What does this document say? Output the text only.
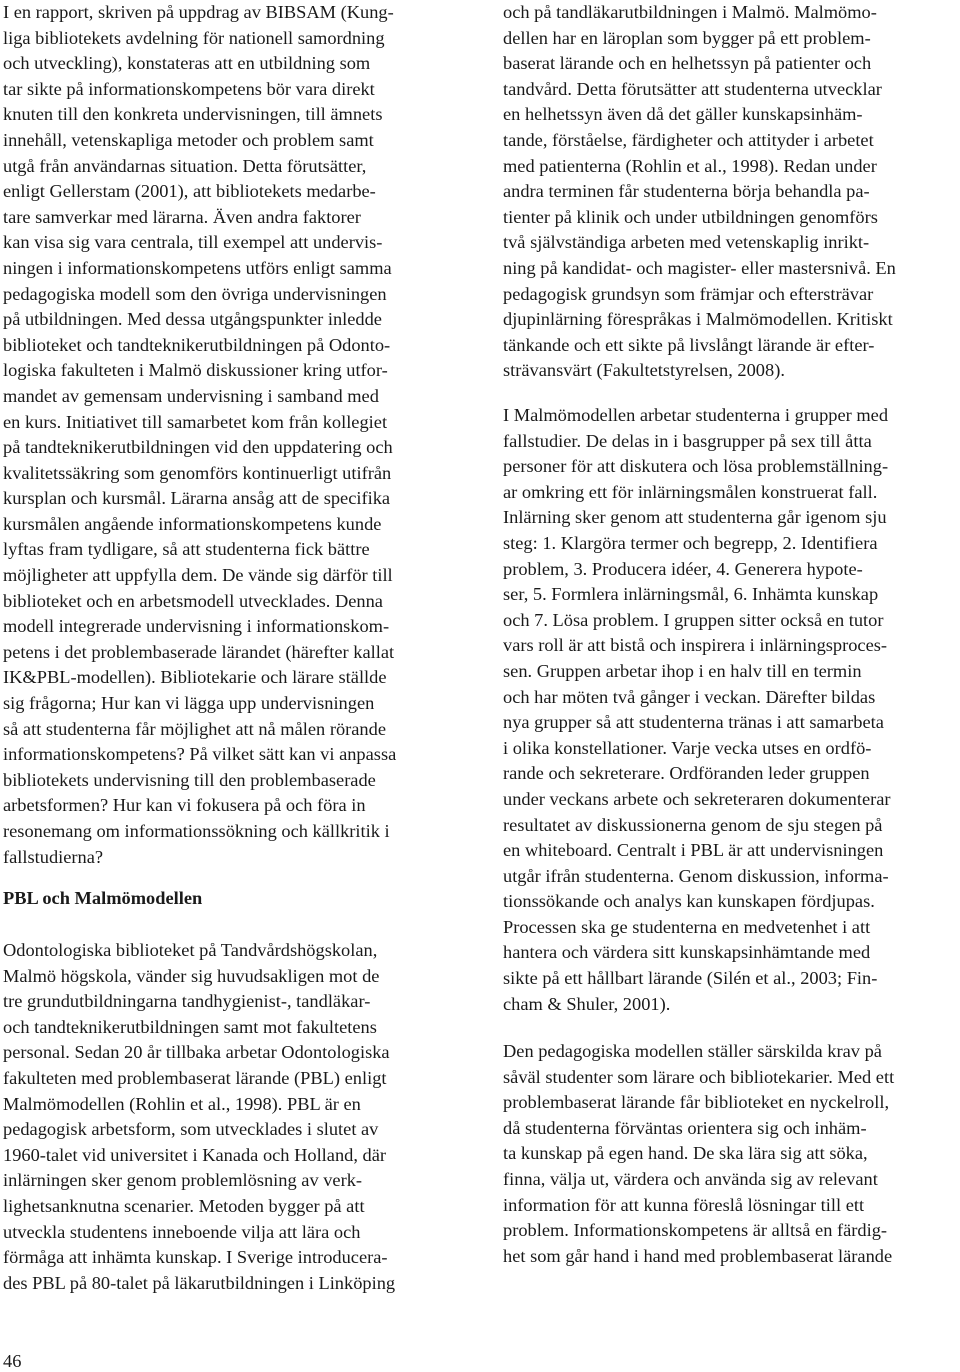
I en rapport, skriven på uppdrag av BIBSAM (Kung-
liga bibliotekets avdelning för nationell samordning
och utveckling), konstateras att en utbildning som
tar sikte på informationskompetens bör vara direkt
knuten till den konkreta undervisningen, till ämnets
innehåll, vetenskapliga metoder och problem samt
utgå från användarnas situation. Detta förutsätter,
enligt Gellerstam (2001), att bibliotekets medarbe-
tare samverkar med lärarna. Även andra faktorer
kan visa sig vara centrala, till exempel att undervis-
ningen i informationskompetens utförs enligt samma
pedagogiska modell som den övriga undervisningen
på utbildningen. Med dessa utgångspunkter inledde
biblioteket och tandteknikerutbildningen på Odonto-
logiska fakulteten i Malmö diskussioner kring utfor-
mandet av gemensam undervisning i samband med
en kurs. Initiativet till samarbetet kom från kollegiet
på tandteknikerutbildningen vid den uppdatering och
kvalitetssäkring som genomförs kontinuerligt utifrån
kursplan och kursmål. Lärarna ansåg att de specifika
kursmålen angående informationskompetens kunde
lyftas fram tydligare, så att studenterna fick bättre
möjligheter att uppfylla dem. De vände sig därför till
biblioteket och en arbetsmodell utvecklades. Denna
modell integrerade undervisning i informationskom-
petens i det problembaserade lärandet (härefter kallat
IK&PBL-modellen). Bibliotekarie och lärare ställde
sig frågorna; Hur kan vi lägga upp undervisningen
så att studenterna får möjlighet att nå målen rörande
informationskompetens? På vilket sätt kan vi anpassa
bibliotekets undervisning till den problembaserade
arbetsformen? Hur kan vi fokusera på och föra in
resonemang om informationssökning och källkritik i
fallstudierna?
PBL och Malmömodellen
Odontologiska biblioteket på Tandvårdshögskolan,
Malmö högskola, vänder sig huvudsakligen mot de
tre grundutbildningarna tandhygienist-, tandläkar-
och tandteknikerutbildningen samt mot fakultetens
personal. Sedan 20 år tillbaka arbetar Odontologiska
fakulteten med problembaserat lärande (PBL) enligt
Malmömodellen (Rohlin et al., 1998). PBL är en
pedagogisk arbetsform, som utvecklades i slutet av
1960-talet vid universitet i Kanada och Holland, där
inlärningen sker genom problemlösning av verk-
lighetsanknutna scenarier. Metoden bygger på att
utveckla studentens inneboende vilja att lära och
förmåga att inhämta kunskap. I Sverige introducera-
des PBL på 80-talet på läkarutbildningen i Linköping
och på tandläkarutbildningen i Malmö. Malmömo-
dellen har en läroplan som bygger på ett problem-
baserat lärande och en helhetssyn på patienter och
tandvård. Detta förutsätter att studenterna utvecklar
en helhetssyn även då det gäller kunskapsinhäm-
tande, förståelse, färdigheter och attityder i arbetet
med patienterna (Rohlin et al., 1998). Redan under
andra terminen får studenterna börja behandla pa-
tienter på klinik och under utbildningen genomförs
två självständiga arbeten med vetenskaplig inrikt-
ning på kandidat- och magister- eller mastersnivå. En
pedagogisk grundsyn som främjar och eftersträvar
djupinlärning förespråkas i Malmömodellen. Kritiskt
tänkande och ett sikte på livslångt lärande är efter-
strävansvärt (Fakultetstyrelsen, 2008).
I Malmömodellen arbetar studenterna i grupper med
fallstudier. De delas in i basgrupper på sex till åtta
personer för att diskutera och lösa problemställning-
ar omkring ett för inlärningsmålen konstruerat fall.
Inlärning sker genom att studenterna går igenom sju
steg: 1. Klargöra termer och begrepp, 2. Identifiera
problem, 3. Producera idéer, 4. Generera hypote-
ser, 5. Formlera inlärningsmål, 6. Inhämta kunskap
och 7. Lösa problem. I gruppen sitter också en tutor
vars roll är att bistå och inspirera i inlärningsproces-
sen. Gruppen arbetar ihop i en halv till en termin
och har möten två gånger i veckan. Därefter bildas
nya grupper så att studenterna tränas i att samarbeta
i olika konstellationer. Varje vecka utses en ordfö-
rande och sekreterare. Ordföranden leder gruppen
under veckans arbete och sekreteraren dokumenterar
resultatet av diskussionerna genom de sju stegen på
en whiteboard. Centralt i PBL är att undervisningen
utgår ifrån studenterna. Genom diskussion, informa-
tionssökande och analys kan kunskapen fördjupas.
Processen ska ge studenterna en medvetenhet i att
hantera och värdera sitt kunskapsinhämtande med
sikte på ett hållbart lärande (Silén et al., 2003; Fin-
cham & Shuler, 2001).
Den pedagogiska modellen ställer särskilda krav på
såväl studenter som lärare och bibliotekarier. Med ett
problembaserat lärande får biblioteket en nyckelroll,
då studenterna förväntas orientera sig och inhäm-
ta kunskap på egen hand. De ska lära sig att söka,
finna, välja ut, värdera och använda sig av relevant
information för att kunna föreslå lösningar till ett
problem. Informationskompetens är alltså en färdig-
het som går hand i hand med problembaserat lärande
46
